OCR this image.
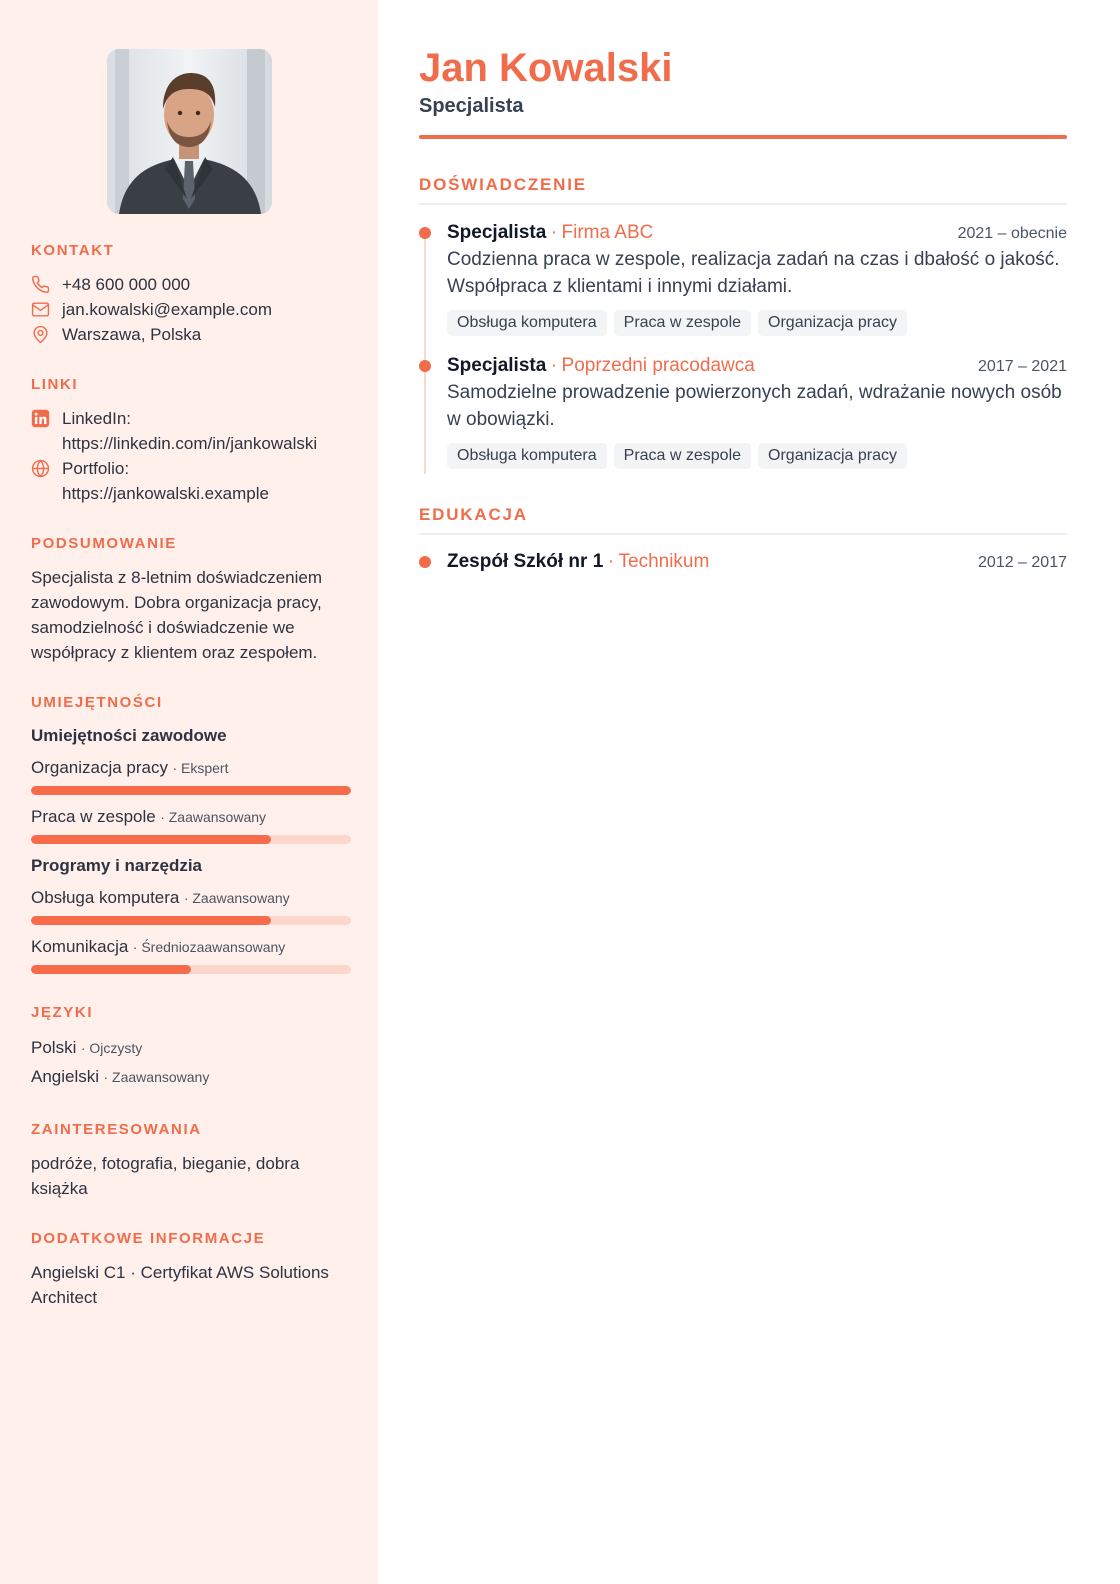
KONTAKT
+48 600 000 000
jan.kowalski@example.com
Warszawa, Polska
LINKI
LinkedIn:
https://linkedin.com/in/jankowalski
Portfolio:
https://jankowalski.example
PODSUMOWANIE
Specjalista z 8-letnim doświadczeniem zawodowym. Dobra organizacja pracy, samodzielność i doświadczenie we współpracy z klientem oraz zespołem.
UMIEJĘTNOŚCI
Umiejętności zawodowe
Organizacja pracy · Ekspert
Praca w zespole · Zaawansowany
Programy i narzędzia
Obsługa komputera · Zaawansowany
Komunikacja · Średniozaawansowany
JĘZYKI
Polski · Ojczysty
Angielski · Zaawansowany
ZAINTERESOWANIA
podróże, fotografia, bieganie, dobra książka
DODATKOWE INFORMACJE
Angielski C1 · Certyfikat AWS Solutions Architect
Jan Kowalski
Specjalista
DOŚWIADCZENIE
Specjalista · Firma ABC	2021 – obecnie
Codzienna praca w zespole, realizacja zadań na czas i dbałość o jakość. Współpraca z klientami i innymi działami.
Obsługa komputera	Praca w zespole	Organizacja pracy
Specjalista · Poprzedni pracodawca	2017 – 2021
Samodzielne prowadzenie powierzonych zadań, wdrażanie nowych osób w obowiązki.
Obsługa komputera	Praca w zespole	Organizacja pracy
EDUKACJA
Zespół Szkół nr 1 · Technikum	2012 – 2017
